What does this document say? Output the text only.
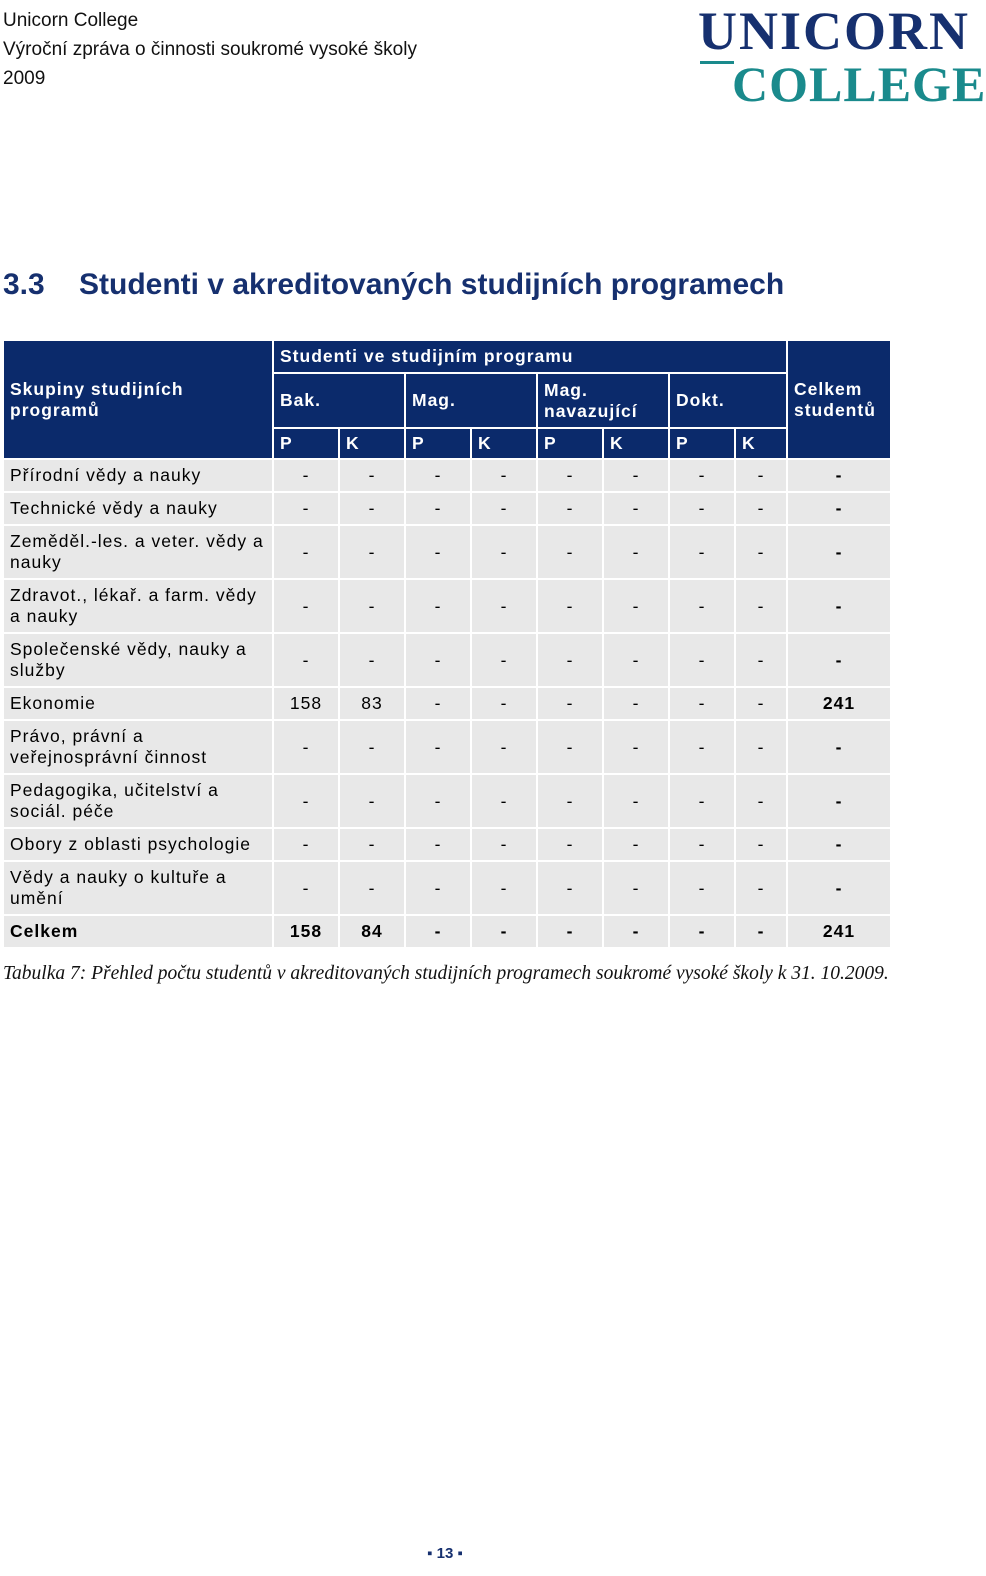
Unicorn College
Výroční zpráva o činnosti soukromé vysoké školy
2009
UNICORN
COLLEGE
3.3 Studenti v akreditovaných studijních programech
Skupiny studijních programů	Studenti ve studijním programu								Celkem studentů
	Bak.		Mag.		Mag. navazující		Dokt.		
	P	K	P	K	P	K	P	K	
Přírodní vědy a nauky	-	-	-	-	-	-	-	-	-
Technické vědy a nauky	-	-	-	-	-	-	-	-	-
Zeměděl.-les. a veter. vědy a nauky	-	-	-	-	-	-	-	-	-
Zdravot., lékař. a farm. vědy a nauky	-	-	-	-	-	-	-	-	-
Společenské vědy, nauky a služby	-	-	-	-	-	-	-	-	-
Ekonomie	158	83	-	-	-	-	-	-	241
Právo, právní a veřejnosprávní činnost	-	-	-	-	-	-	-	-	-
Pedagogika, učitelství a sociál. péče	-	-	-	-	-	-	-	-	-
Obory z oblasti psychologie	-	-	-	-	-	-	-	-	-
Vědy a nauky o kultuře a umění	-	-	-	-	-	-	-	-	-
Celkem	158	84	-	-	-	-	-	-	241
Tabulka 7: Přehled počtu studentů v akreditovaných studijních programech soukromé vysoké školy k 31. 10.2009.
▪ 13 ▪
